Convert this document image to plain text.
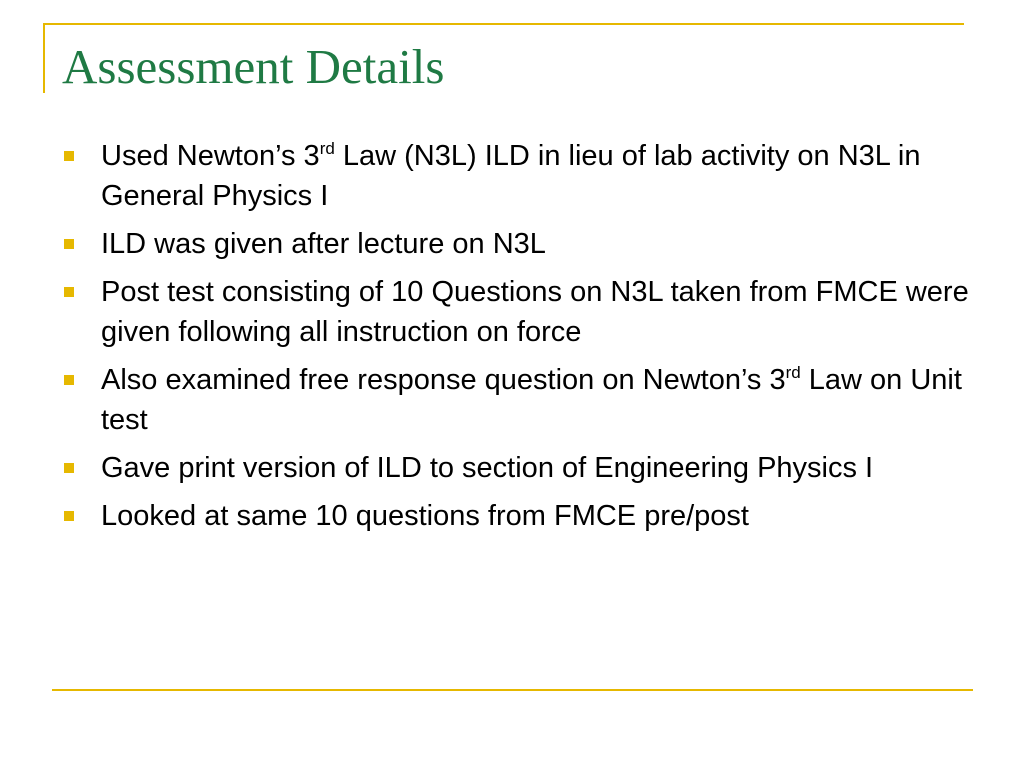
Assessment Details
Used Newton’s 3rd Law (N3L) ILD in lieu of lab activity on N3L in General Physics I
ILD was given after lecture on N3L
Post test consisting of 10 Questions on N3L taken from FMCE were given following all instruction on force
Also examined free response question on Newton’s 3rd Law on Unit test
Gave print version of ILD to section of Engineering Physics I
Looked at same 10 questions from FMCE pre/post
